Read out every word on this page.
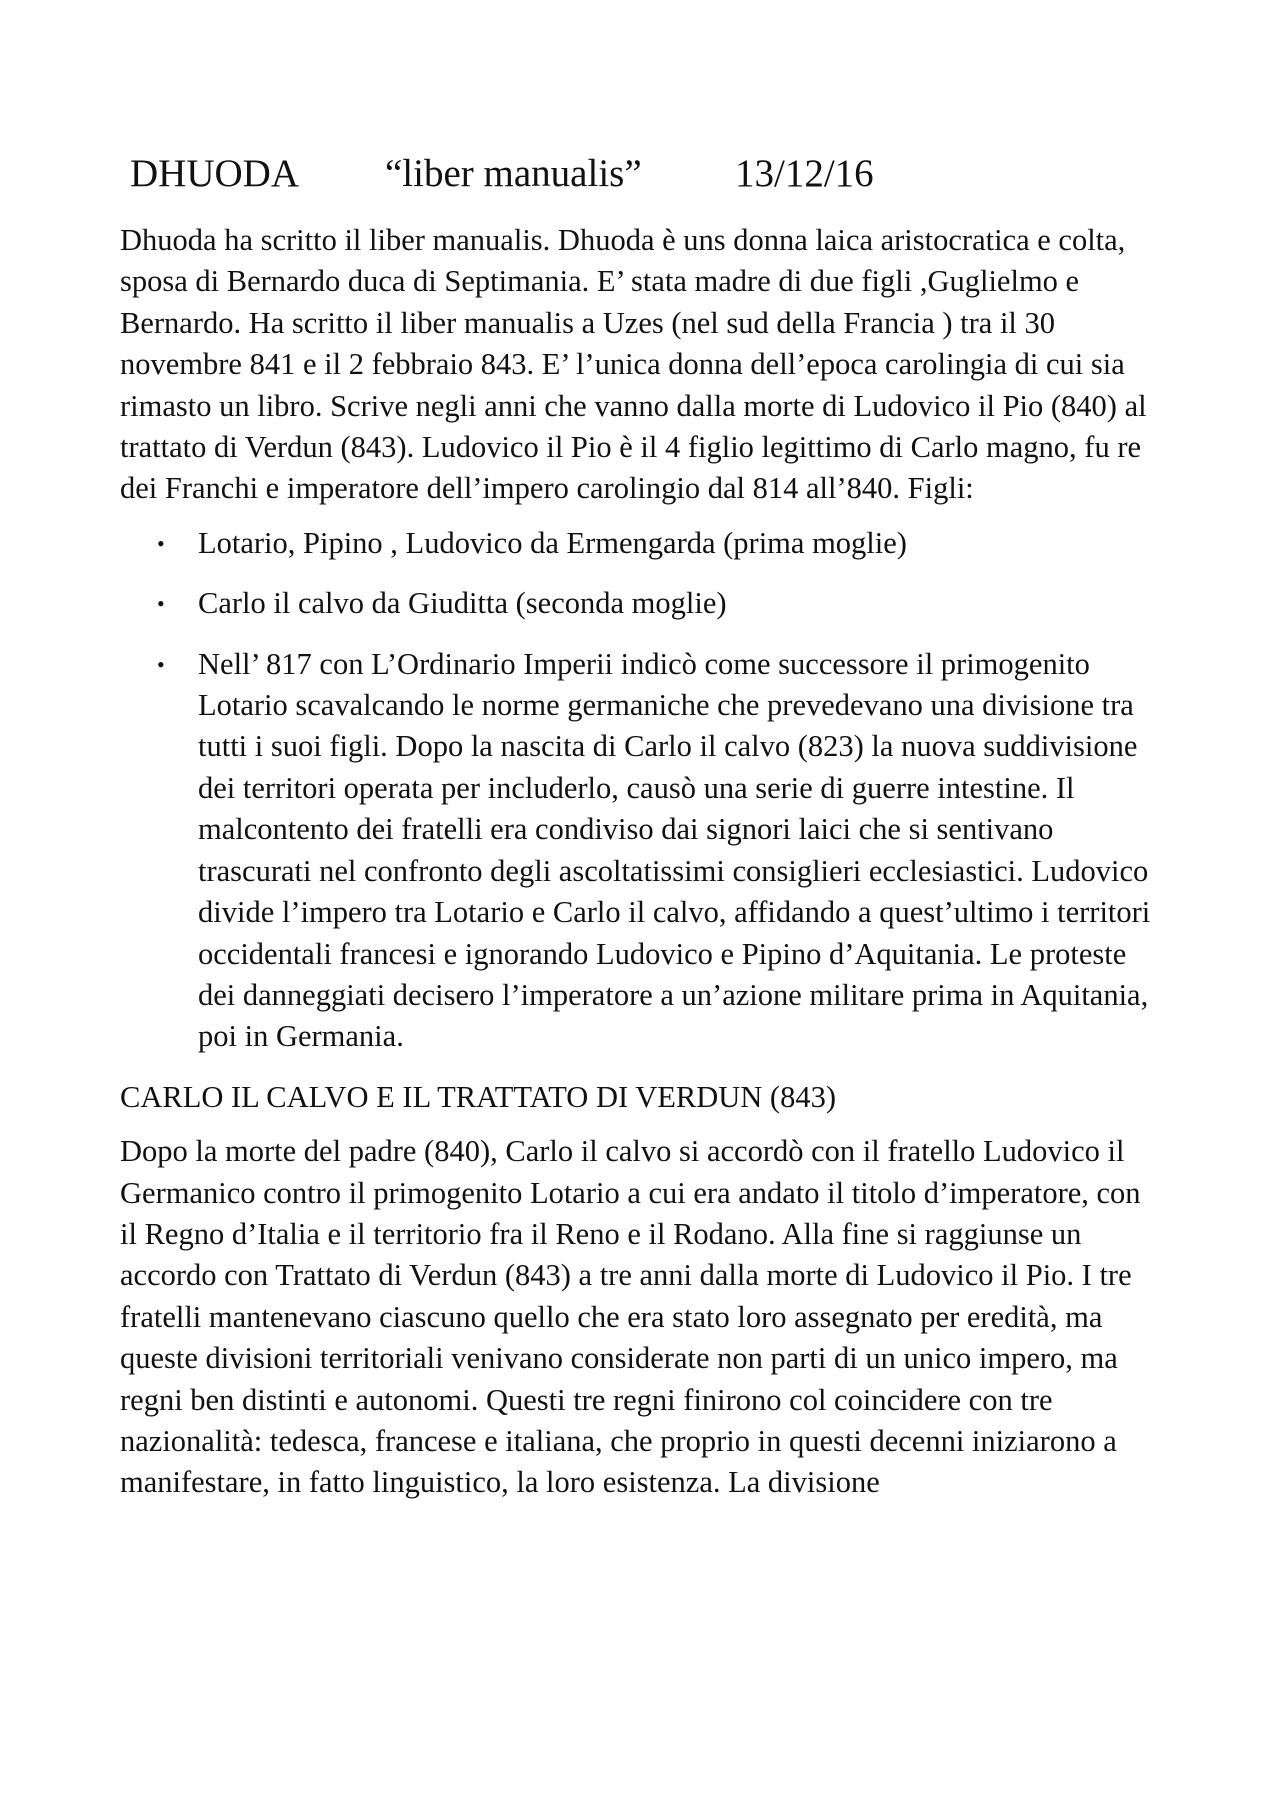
DHUODA “liber manualis” 13/12/16

Dhuoda ha scritto il liber manualis. Dhuoda è uns donna laica aristocratica e colta, sposa di Bernardo duca di Septimania. E’ stata madre di due figli ,Guglielmo e Bernardo. Ha scritto il liber manualis a Uzes (nel sud della Francia ) tra il 30 novembre 841 e il 2 febbraio 843. E’ l’unica donna dell’epoca carolingia di cui sia rimasto un libro. Scrive negli anni che vanno dalla morte di Ludovico il Pio (840) al trattato di Verdun (843). Ludovico il Pio è il 4 figlio legittimo di Carlo magno, fu re dei Franchi e imperatore dell’impero carolingio dal 814 all’840. Figli:

• Lotario, Pipino , Ludovico da Ermengarda (prima moglie)
• Carlo il calvo da Giuditta (seconda moglie)
• Nell’ 817 con L’Ordinario Imperii indicò come successore il primogenito Lotario scavalcando le norme germaniche che prevedevano una divisione tra tutti i suoi figli. Dopo la nascita di Carlo il calvo (823) la nuova suddivisione dei territori operata per includerlo, causò una serie di guerre intestine. Il malcontento dei fratelli era condiviso dai signori laici che si sentivano trascurati nel confronto degli ascoltatissimi consiglieri ecclesiastici. Ludovico divide l’impero tra Lotario e Carlo il calvo, affidando a quest’ultimo i territori occidentali francesi e ignorando Ludovico e Pipino d’Aquitania. Le proteste dei danneggiati decisero l’imperatore a un’azione militare prima in Aquitania, poi in Germania.

CARLO IL CALVO E IL TRATTATO DI VERDUN (843)

Dopo la morte del padre (840), Carlo il calvo si accordò con il fratello Ludovico il Germanico contro il primogenito Lotario a cui era andato il titolo d’imperatore, con il Regno d’Italia e il territorio fra il Reno e il Rodano. Alla fine si raggiunse un accordo con Trattato di Verdun (843) a tre anni dalla morte di Ludovico il Pio. I tre fratelli mantenevano ciascuno quello che era stato loro assegnato per eredità, ma queste divisioni territoriali venivano considerate non parti di un unico impero, ma regni ben distinti e autonomi. Questi tre regni finirono col coincidere con tre nazionalità: tedesca, francese e italiana, che proprio in questi decenni iniziarono a manifestare, in fatto linguistico, la loro esistenza. La divisione
